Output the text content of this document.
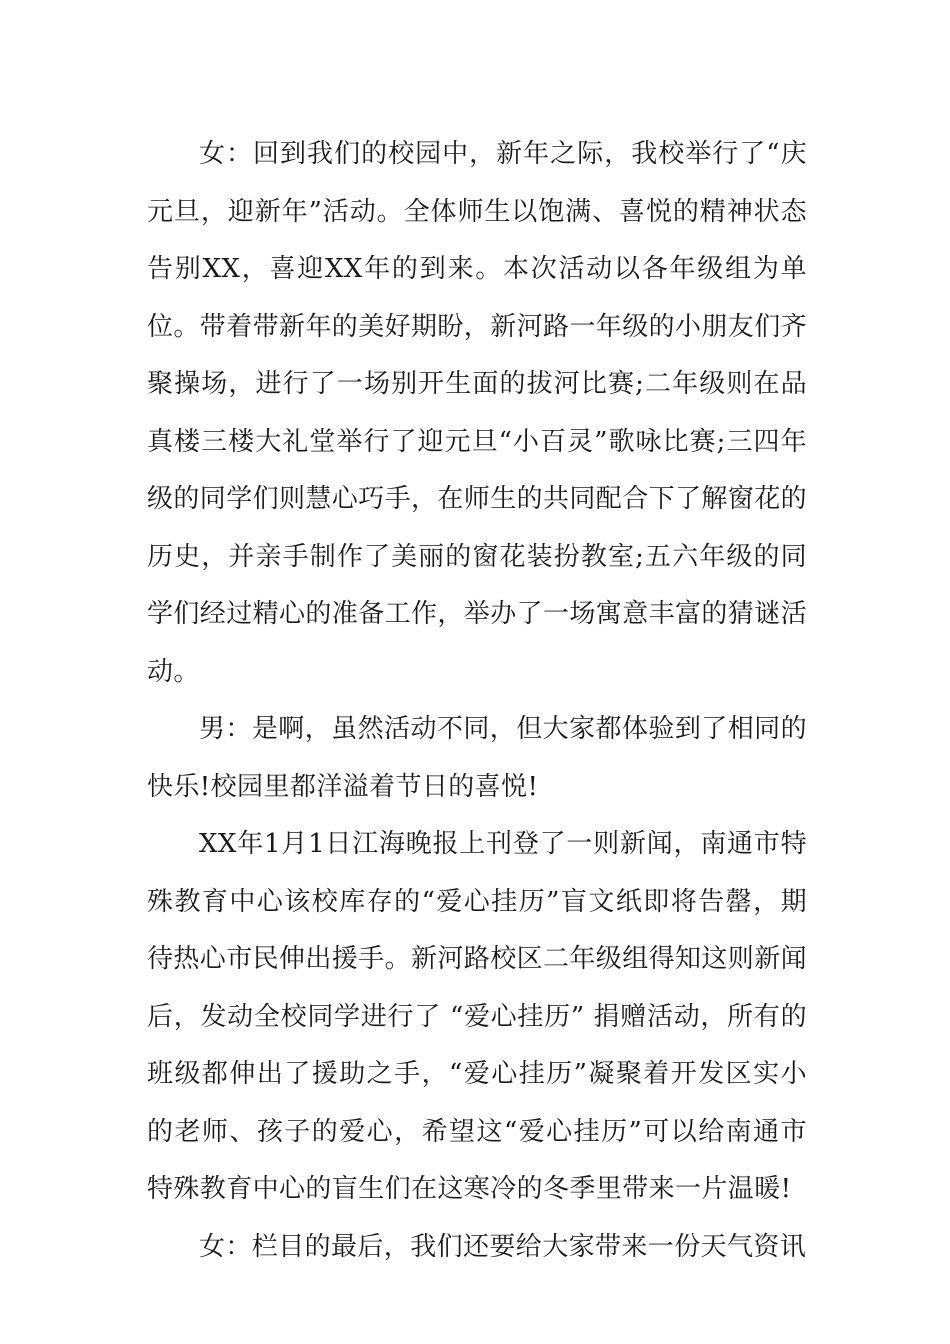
女：回到我们的校园中，新年之际，我校举行了“庆元旦，迎新年”活动。全体师生以饱满、喜悦的精神状态告别XX，喜迎XX年的到来。本次活动以各年级组为单位。带着带新年的美好期盼，新河路一年级的小朋友们齐聚操场，进行了一场别开生面的拔河比赛;二年级则在品真楼三楼大礼堂举行了迎元旦“小百灵”歌咏比赛;三四年级的同学们则慧心巧手，在师生的共同配合下了解窗花的历史，并亲手制作了美丽的窗花装扮教室;五六年级的同学们经过精心的准备工作，举办了一场寓意丰富的猜谜活动。

男：是啊，虽然活动不同，但大家都体验到了相同的快乐!校园里都洋溢着节日的喜悦!

XX年1月1日江海晚报上刊登了一则新闻，南通市特殊教育中心该校库存的“爱心挂历”盲文纸即将告罄，期待热心市民伸出援手。新河路校区二年级组得知这则新闻后，发动全校同学进行了 “爱心挂历” 捐赠活动，所有的班级都伸出了援助之手，“爱心挂历”凝聚着开发区实小的老师、孩子的爱心，希望这“爱心挂历”可以给南通市特殊教育中心的盲生们在这寒冷的冬季里带来一片温暖!

女：栏目的最后，我们还要给大家带来一份天气资讯
